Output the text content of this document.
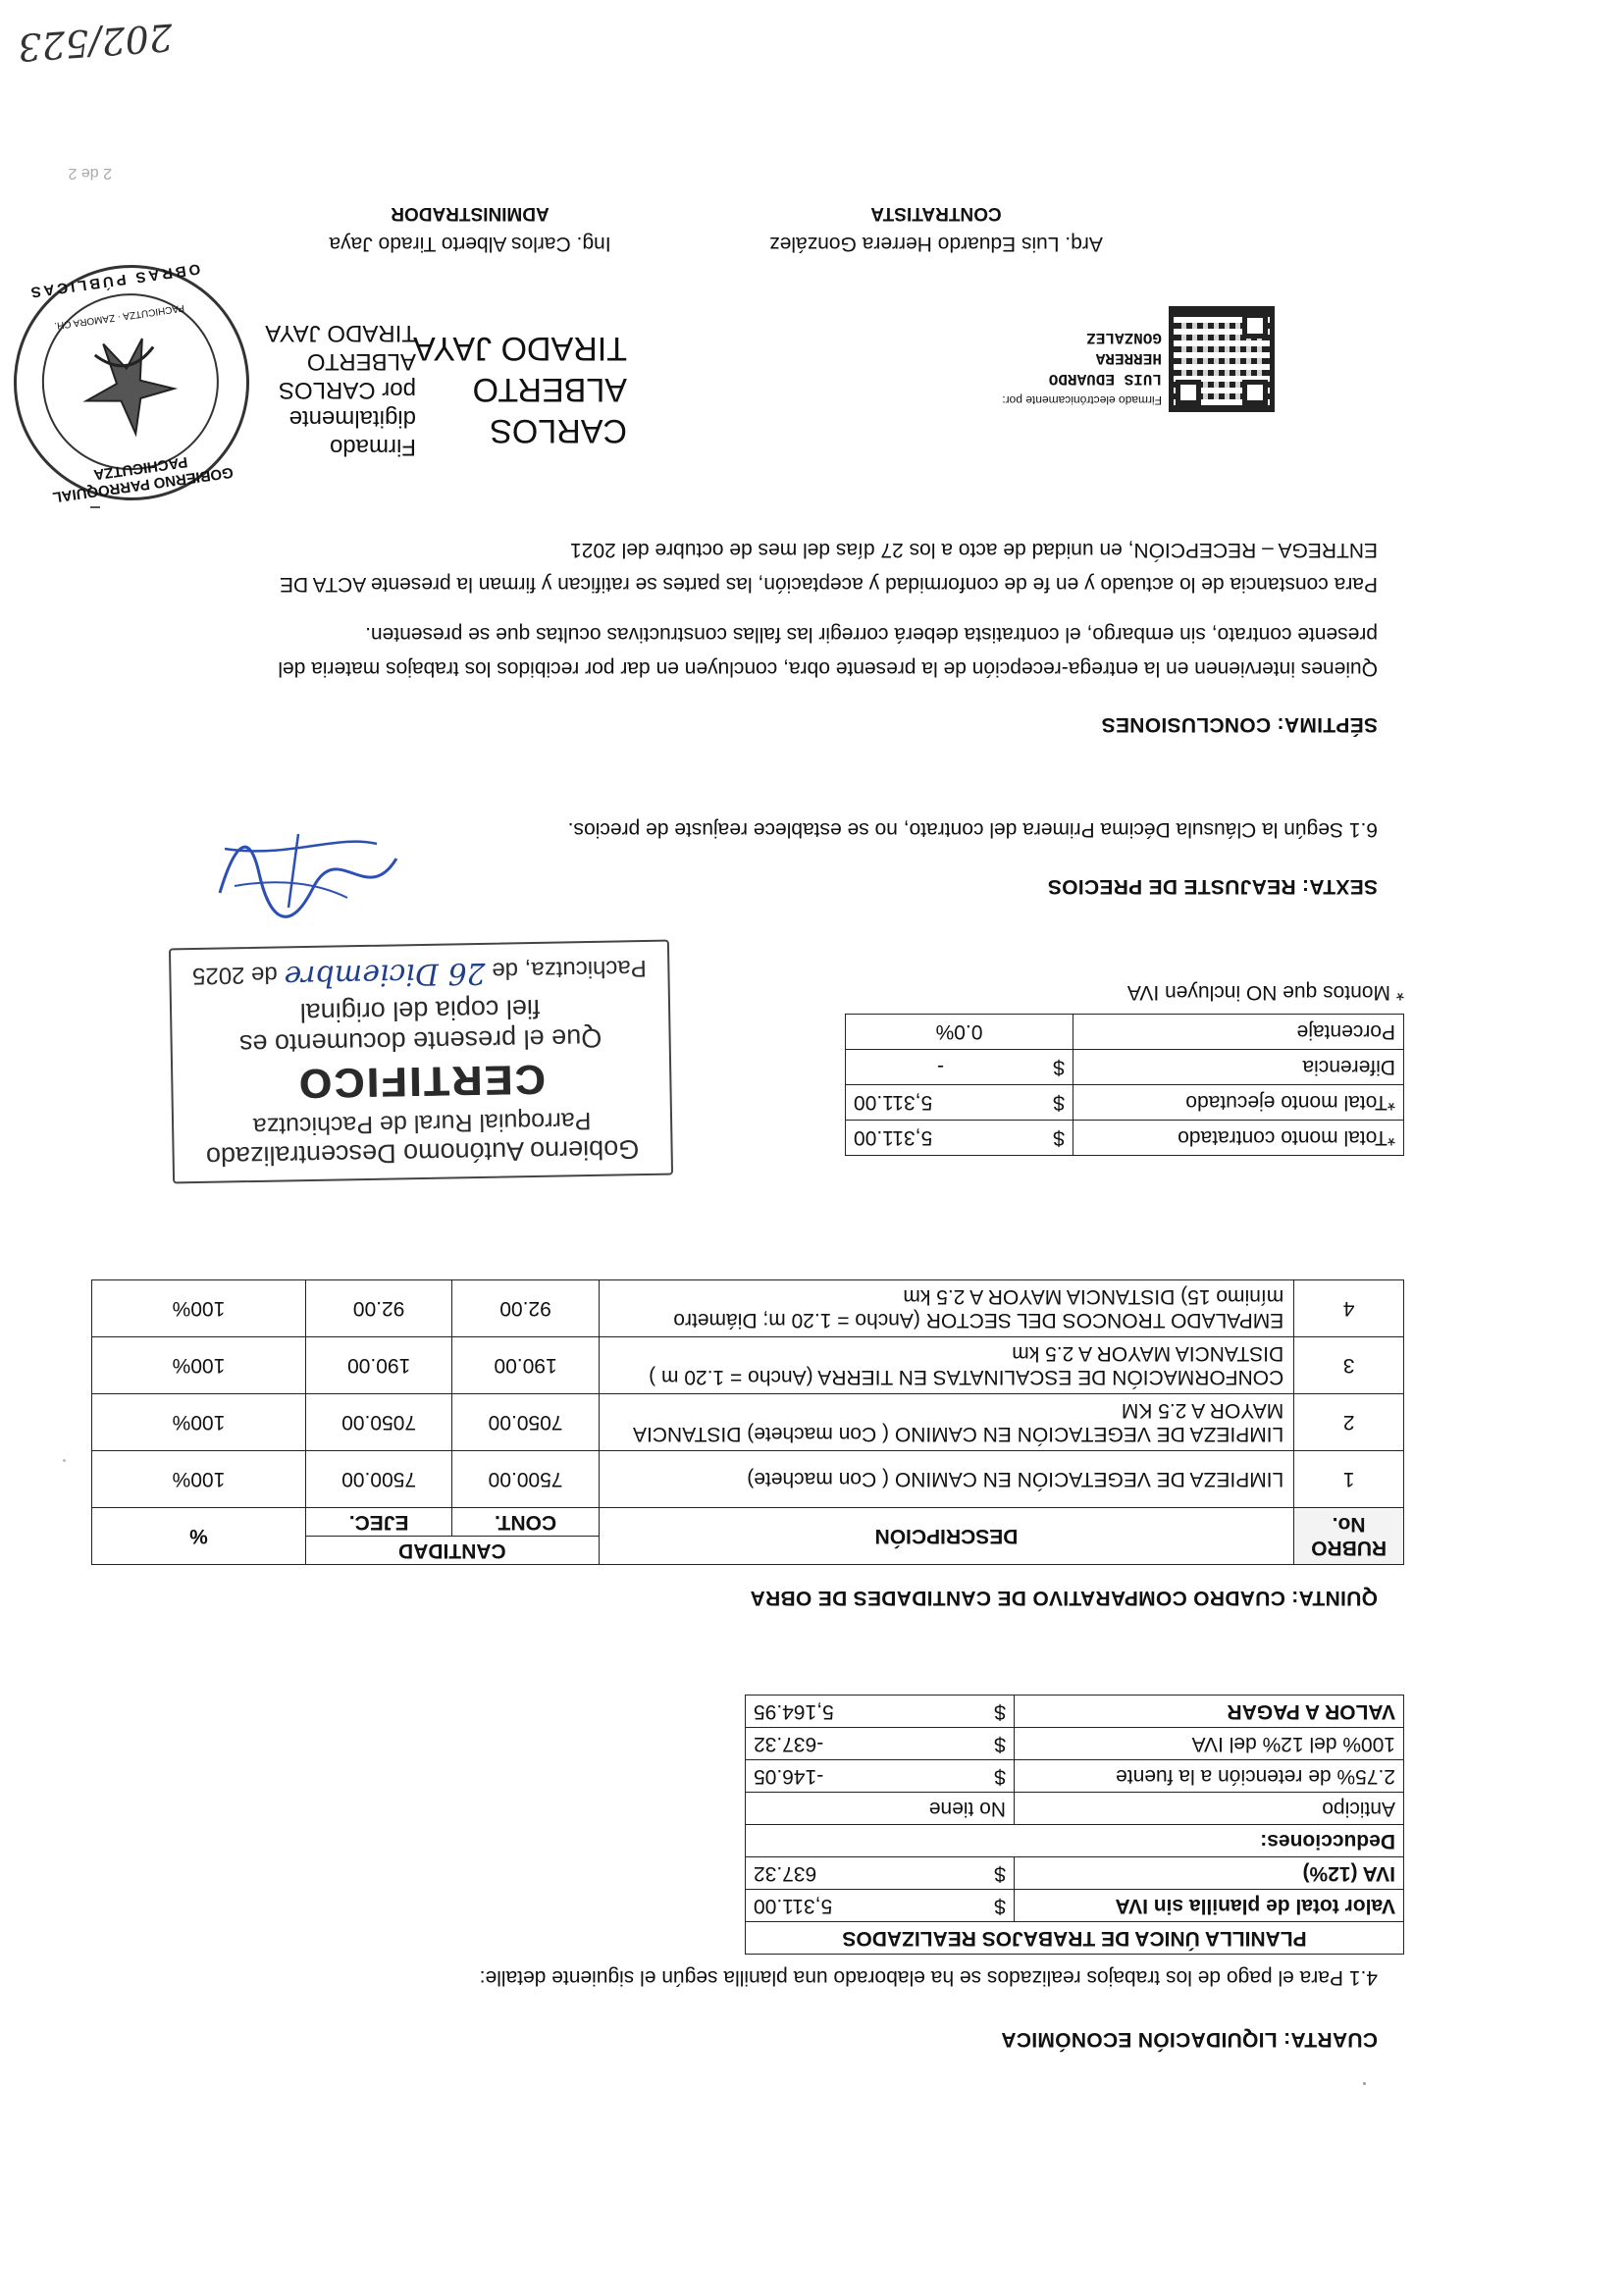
202/523
2 de 2
CUARTA: LIQUIDACIÓN ECONÓMICA
4.1 Para el pago de los trabajos realizados se ha elaborado una planilla según el siguiente detalle:
PLANILLA ÚNICA DE TRABAJOS REALIZADOS		
Valor total de planilla sin IVA	$	5,311.00
IVA (12%)	$	637.32
Deducciones:		
Anticipo	No tiene	
2.75% de retención a la fuente	$	-146.05
100% del 12% del IVA	$	-637.32
VALOR A PAGAR	$	5,164.95
QUINTA: CUADRO COMPARATIVO DE CANTIDADES DE OBRA
RUBRO
No.	DESCRIPCIÓN	CANTIDAD		%
		CONT.	EJEC.	
1	LIMPIEZA DE VEGETACIÓN EN CAMINO ( Con machete)	7500.00	7500.00	100%
2	LIMPIEZA DE VEGETACIÓN EN CAMINO ( Con machete) DISTANCIA MAYOR A 2.5 KM	7050.00	7050.00	100%
3	CONFORMACIÓN DE ESCALINATAS EN TIERRA (Ancho = 1.20 m ) DISTANCIA MAYOR A 2.5 km	190.00	190.00	100%
4	EMPALADO TRONCOS DEL SECTOR (Ancho = 1.20 m; Diámetro mínimo 15) DISTANCIA MAYOR A 2.5 km	92.00	92.00	100%
*Total monto contratado	$	5,311.00
*Total monto ejecutado	$	5,311.00
Diferencia	$	-
Porcentaje	0.0%	
* Montos que NO incluyen IVA
Gobierno Autónomo Descentralizado
Parroquial Rural de Pachicutza
CERTIFICO
Que el presente documento es
fiel copia del original
Pachicutza, de 26 Diciembre de 2025
SEXTA: REAJUSTE DE PRECIOS
6.1 Según la Cláusula Décima Primera del contrato, no se establece reajuste de precios.
SÉPTIMA: CONCLUSIONES
Quienes intervienen en la entrega-recepción de la presente obra, concluyen en dar por recibidos los trabajos materia del
presente contrato, sin embargo, el contratista deberá corregir las fallas constructivas ocultas que se presenten.
Para constancia de lo actuado y en fe de conformidad y aceptación, las partes se ratifican y firman la presente ACTA DE
ENTREGA – RECEPCIÓN, en unidad de acto a los 27 días del mes de octubre del 2021
Firmado electrónicamente por:
LUIS EDUARDO
HERRERA
GONZALEZ
Arq. Luis Eduardo Herrera González
CONTRATISTA
CARLOS
ALBERTO
TIRADO JAYA
Firmado
digitalmente
por CARLOS
ALBERTO
TIRADO JAYA
Ing. Carlos Alberto Tirado Jaya
ADMINISTRADOR
GOBIERNO PARROQUIAL PACHICUTZA
OBRAS PÚBLICAS
PACHICUTZA · ZAMORA CH.
